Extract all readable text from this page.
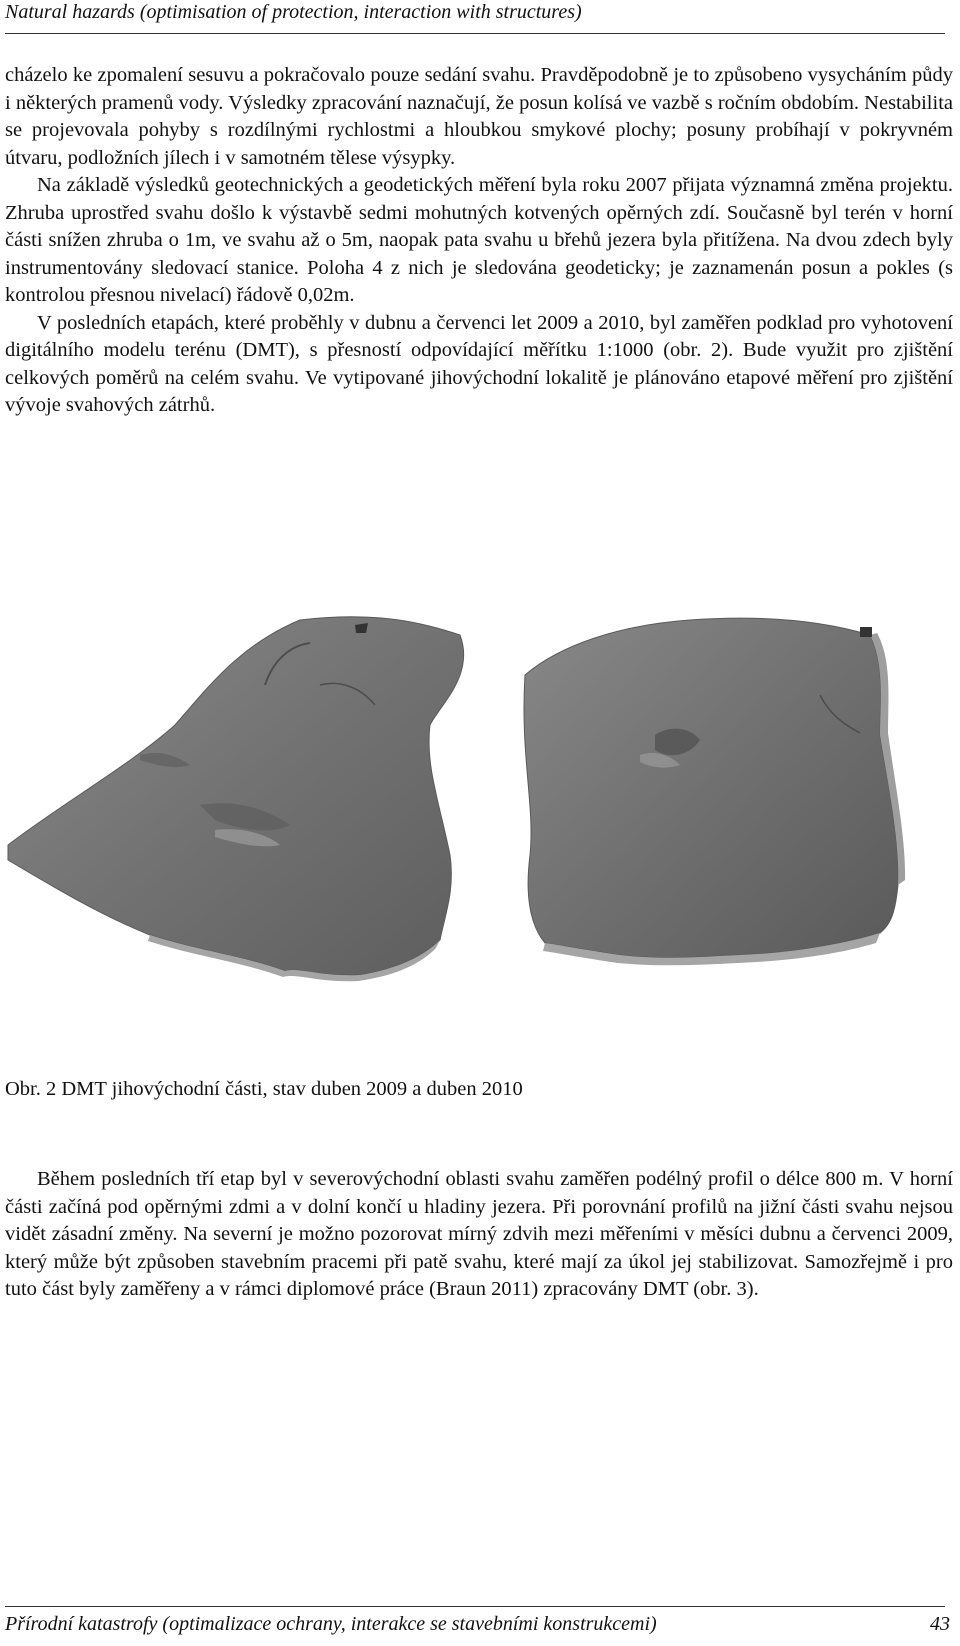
Natural hazards (optimisation of protection, interaction with structures)

cházelo ke zpomalení sesuvu a pokračovalo pouze sedání svahu. Pravděpodobně je to způsobeno vysycháním půdy i některých pramenů vody. Výsledky zpracování naznačují, že posun kolísá ve vazbě s ročním obdobím. Nestabilita se projevovala pohyby s rozdílnými rychlostmi a hloubkou smykové plochy; posuny probíhají v pokryvném útvaru, podložních jílech i v samotném tělese výsypky.

Na základě výsledků geotechnických a geodetických měření byla roku 2007 přijata významná změna projektu. Zhruba uprostřed svahu došlo k výstavbě sedmi mohutných kotvených opěrných zdí. Současně byl terén v horní části snížen zhruba o 1m, ve svahu až o 5m, naopak pata svahu u břehů jezera byla přitížena. Na dvou zdech byly instrumentovány sledovací stanice. Poloha 4 z nich je sledována geodeticky; je zaznamenán posun a pokles (s kontrolou přesnou nivelací) řádově 0,02m.

V posledních etapách, které proběhly v dubnu a červenci let 2009 a 2010, byl zaměřen podklad pro vyhotovení digitálního modelu terénu (DMT), s přesností odpovídající měřítku 1:1000 (obr. 2). Bude využit pro zjištění celkových poměrů na celém svahu. Ve vytipované jihovýchodní lokalitě je plánováno etapové měření pro zjištění vývoje svahových zátrhů.

Obr. 2 DMT jihovýchodní části, stav duben 2009 a duben 2010

Během posledních tří etap byl v severovýchodní oblasti svahu zaměřen podélný profil o délce 800 m. V horní části začíná pod opěrnými zdmi a v dolní končí u hladiny jezera. Při porovnání profilů na jižní části svahu nejsou vidět zásadní změny. Na severní je možno pozorovat mírný zdvih mezi měřeními v měsíci dubnu a červenci 2009, který může být způsoben stavebním pracemi při patě svahu, které mají za úkol jej stabilizovat. Samozřejmě i pro tuto část byly zaměřeny a v rámci diplomové práce (Braun 2011) zpracovány DMT (obr. 3).

Přírodní katastrofy (optimalizace ochrany, interakce se stavebními konstrukcemi)	43
